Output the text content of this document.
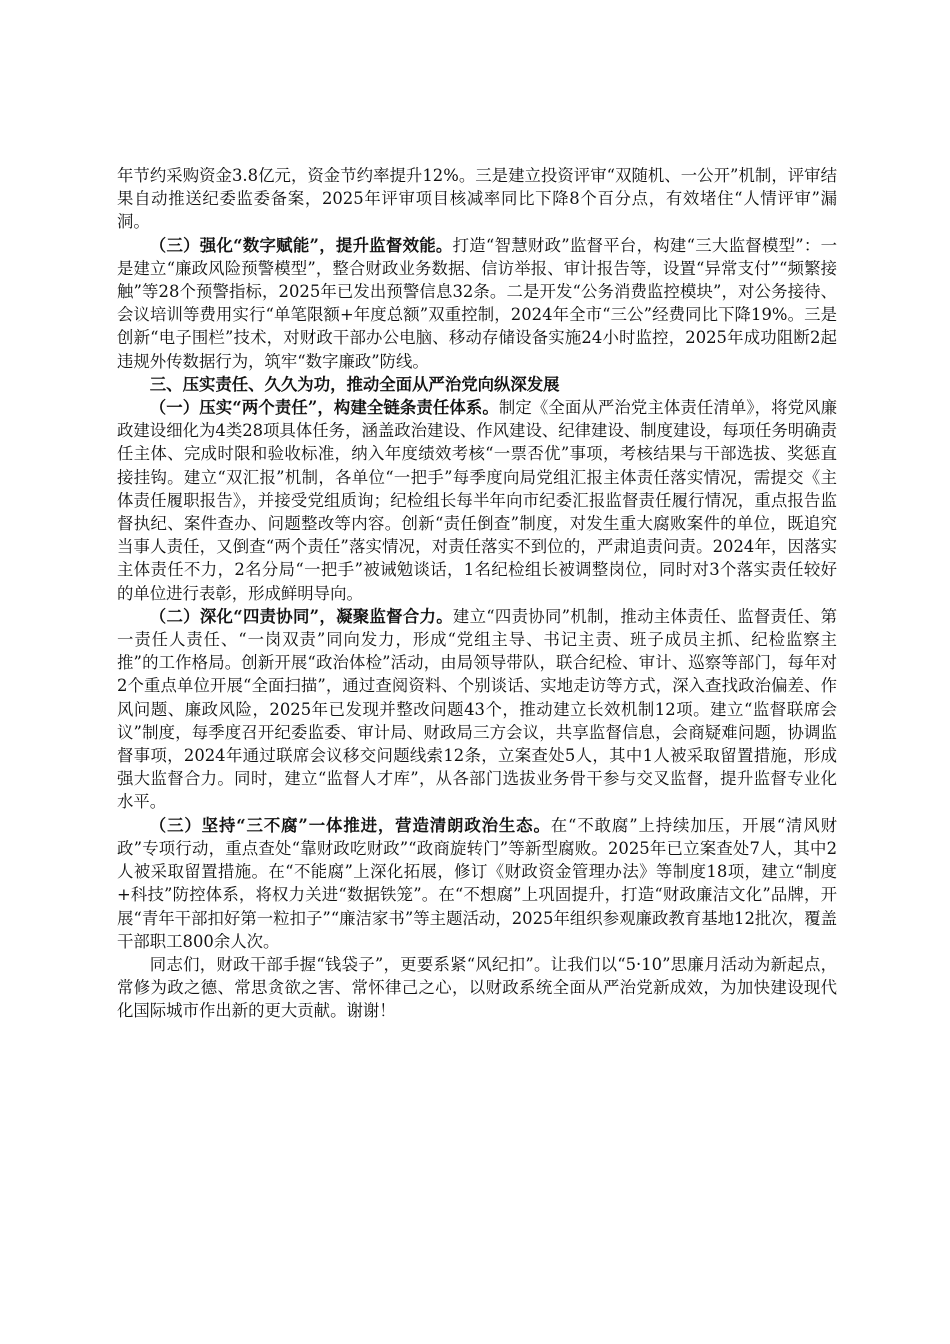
年节约采购资金3.8亿元，资金节约率提升12%。三是建立投资评审“双随机、一公开”机制，评审结果自动推送纪委监委备案，2025年评审项目核减率同比下降8个百分点，有效堵住“人情评审”漏洞。

（三）强化“数字赋能”，提升监督效能。打造“智慧财政”监督平台，构建“三大监督模型”：一是建立“廉政风险预警模型”，整合财政业务数据、信访举报、审计报告等，设置“异常支付”“频繁接触”等28个预警指标，2025年已发出预警信息32条。二是开发“公务消费监控模块”，对公务接待、会议培训等费用实行“单笔限额+年度总额”双重控制，2024年全市“三公”经费同比下降19%。三是创新“电子围栏”技术，对财政干部办公电脑、移动存储设备实施24小时监控，2025年成功阻断2起违规外传数据行为，筑牢“数字廉政”防线。

三、压实责任、久久为功，推动全面从严治党向纵深发展

（一）压实“两个责任”，构建全链条责任体系。制定《全面从严治党主体责任清单》，将党风廉政建设细化为4类28项具体任务，涵盖政治建设、作风建设、纪律建设、制度建设，每项任务明确责任主体、完成时限和验收标准，纳入年度绩效考核“一票否优”事项，考核结果与干部选拔、奖惩直接挂钩。建立“双汇报”机制，各单位“一把手”每季度向局党组汇报主体责任落实情况，需提交《主体责任履职报告》，并接受党组质询；纪检组长每半年向市纪委汇报监督责任履行情况，重点报告监督执纪、案件查办、问题整改等内容。创新“责任倒查”制度，对发生重大腐败案件的单位，既追究当事人责任，又倒查“两个责任”落实情况，对责任落实不到位的，严肃追责问责。2024年，因落实主体责任不力，2名分局“一把手”被诫勉谈话，1名纪检组长被调整岗位，同时对3个落实责任较好的单位进行表彰，形成鲜明导向。

（二）深化“四责协同”，凝聚监督合力。建立“四责协同”机制，推动主体责任、监督责任、第一责任人责任、“一岗双责”同向发力，形成“党组主导、书记主责、班子成员主抓、纪检监察主推”的工作格局。创新开展“政治体检”活动，由局领导带队，联合纪检、审计、巡察等部门，每年对2个重点单位开展“全面扫描”，通过查阅资料、个别谈话、实地走访等方式，深入查找政治偏差、作风问题、廉政风险，2025年已发现并整改问题43个，推动建立长效机制12项。建立“监督联席会议”制度，每季度召开纪委监委、审计局、财政局三方会议，共享监督信息，会商疑难问题，协调监督事项，2024年通过联席会议移交问题线索12条，立案查处5人，其中1人被采取留置措施，形成强大监督合力。同时，建立“监督人才库”，从各部门选拔业务骨干参与交叉监督，提升监督专业化水平。

（三）坚持“三不腐”一体推进，营造清朗政治生态。在“不敢腐”上持续加压，开展“清风财政”专项行动，重点查处“靠财政吃财政”“政商旋转门”等新型腐败。2025年已立案查处7人，其中2人被采取留置措施。在“不能腐”上深化拓展，修订《财政资金管理办法》等制度18项，建立“制度+科技”防控体系，将权力关进“数据铁笼”。在“不想腐”上巩固提升，打造“财政廉洁文化”品牌，开展“青年干部扣好第一粒扣子”“廉洁家书”等主题活动，2025年组织参观廉政教育基地12批次，覆盖干部职工800余人次。

同志们，财政干部手握“钱袋子”，更要系紧“风纪扣”。让我们以“5·10”思廉月活动为新起点，常修为政之德、常思贪欲之害、常怀律己之心，以财政系统全面从严治党新成效，为加快建设现代化国际城市作出新的更大贡献。谢谢！
